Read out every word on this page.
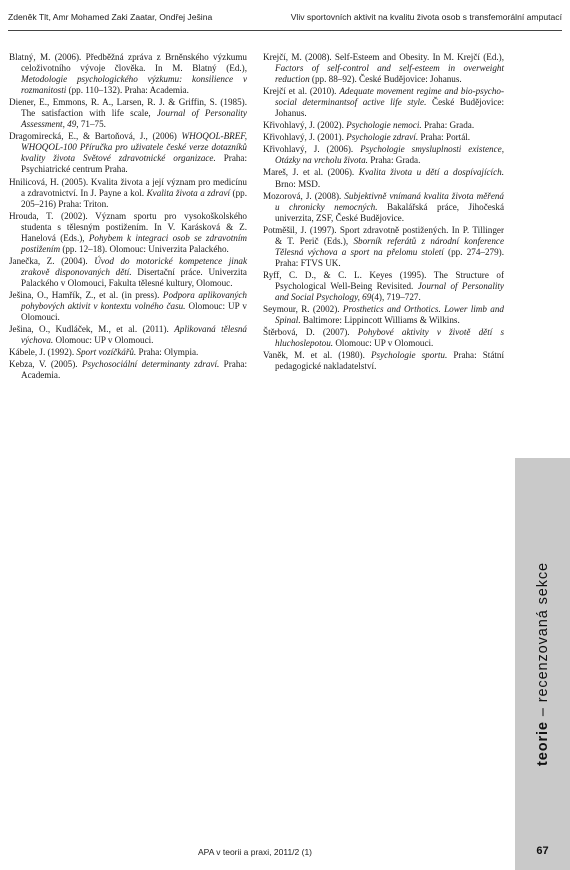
Zdeněk Tlt, Amr Mohamed Zaki Zaatar, Ondřej Ješina	Vliv sportovních aktivit na kvalitu života osob s transfemorální amputací

Blatný, M. (2006). Předběžná zpráva z Brněnského výzkumu celoživotního vývoje člověka. In M. Blatný (Ed.), Metodologie psychologického výzkumu: konsilience v rozmanitosti (pp. 110–132). Praha: Academia.

Diener, E., Emmons, R. A., Larsen, R. J. & Griffin, S. (1985). The satisfaction with life scale, Journal of Personality Assessment, 49, 71–75.

Dragomirecká, E., & Bartoňová, J., (2006) WHOQOL-BREF, WHOQOL-100 Příručka pro uživatele české verze dotazníků kvality života Světové zdravotnické organizace. Praha: Psychiatrické centrum Praha.

Hnilicová, H. (2005). Kvalita života a její význam pro medicínu a zdravotnictví. In J. Payne a kol. Kvalita života a zdraví (pp. 205–216) Praha: Triton.

Hrouda, T. (2002). Význam sportu pro vysokoškolského studenta s tělesným postižením. In V. Karásková & Z. Hanelová (Eds.), Pohybem k integraci osob se zdravotním postižením (pp. 12–18). Olomouc: Univerzita Palackého.

Janečka, Z. (2004). Úvod do motorické kompetence jinak zrakově disponovaných dětí. Disertační práce. Univerzita Palackého v Olomouci, Fakulta tělesné kultury, Olomouc.

Ješina, O., Hamřík, Z., et al. (in press). Podpora aplikovaných pohybových aktivit v kontextu volného času. Olomouc: UP v Olomouci.

Ješina, O., Kudláček, M., et al. (2011). Aplikovaná tělesná výchova. Olomouc: UP v Olomouci.

Kábele, J. (1992). Sport vozíčkářů. Praha: Olympia.

Kebza, V. (2005). Psychosociální determinanty zdraví. Praha: Academia.

Krejčí, M. (2008). Self-Esteem and Obesity. In M. Krejčí (Ed.), Factors of self-control and self-esteem in overweight reduction (pp. 88–92). České Budějovice: Johanus.

Krejčí et al. (2010). Adequate movement regime and bio-psycho-social determinantsof active life style. České Budějovice: Johanus.

Křivohlavý, J. (2002). Psychologie nemoci. Praha: Grada.

Křivohlavý, J. (2001). Psychologie zdraví. Praha: Portál.

Křivohlavý, J. (2006). Psychologie smysluplnosti existence, Otázky na vrcholu života. Praha: Grada.

Mareš, J. et al. (2006). Kvalita života u dětí a dospívajících. Brno: MSD.

Mozorová, J. (2008). Subjektivně vnímaná kvalita života měřená u chronicky nemocných. Bakalářská práce, Jihočeská univerzita, ZSF, České Budějovice.

Potměšil, J. (1997). Sport zdravotně postižených. In P. Tillinger & T. Perič (Eds.), Sborník referátů z národní konference Tělesná výchova a sport na přelomu století (pp. 274–279). Praha: FTVS UK.

Ryff, C. D., & C. L. Keyes (1995). The Structure of Psychological Well-Being Revisited. Journal of Personality and Social Psychology, 69(4), 719–727.

Seymour, R. (2002). Prosthetics and Orthotics. Lower limb and Spinal. Baltimore: Lippincott Williams & Wilkins.

Štěrbová, D. (2007). Pohybové aktivity v životě dětí s hluchoslepotou. Olomouc: UP v Olomouci.

Vaněk, M. et al. (1980). Psychologie sportu. Praha: Státní pedagogické nakladatelství.

teorie – recenzovaná sekce
APA v teorii a praxi, 2011/2 (1)	67
